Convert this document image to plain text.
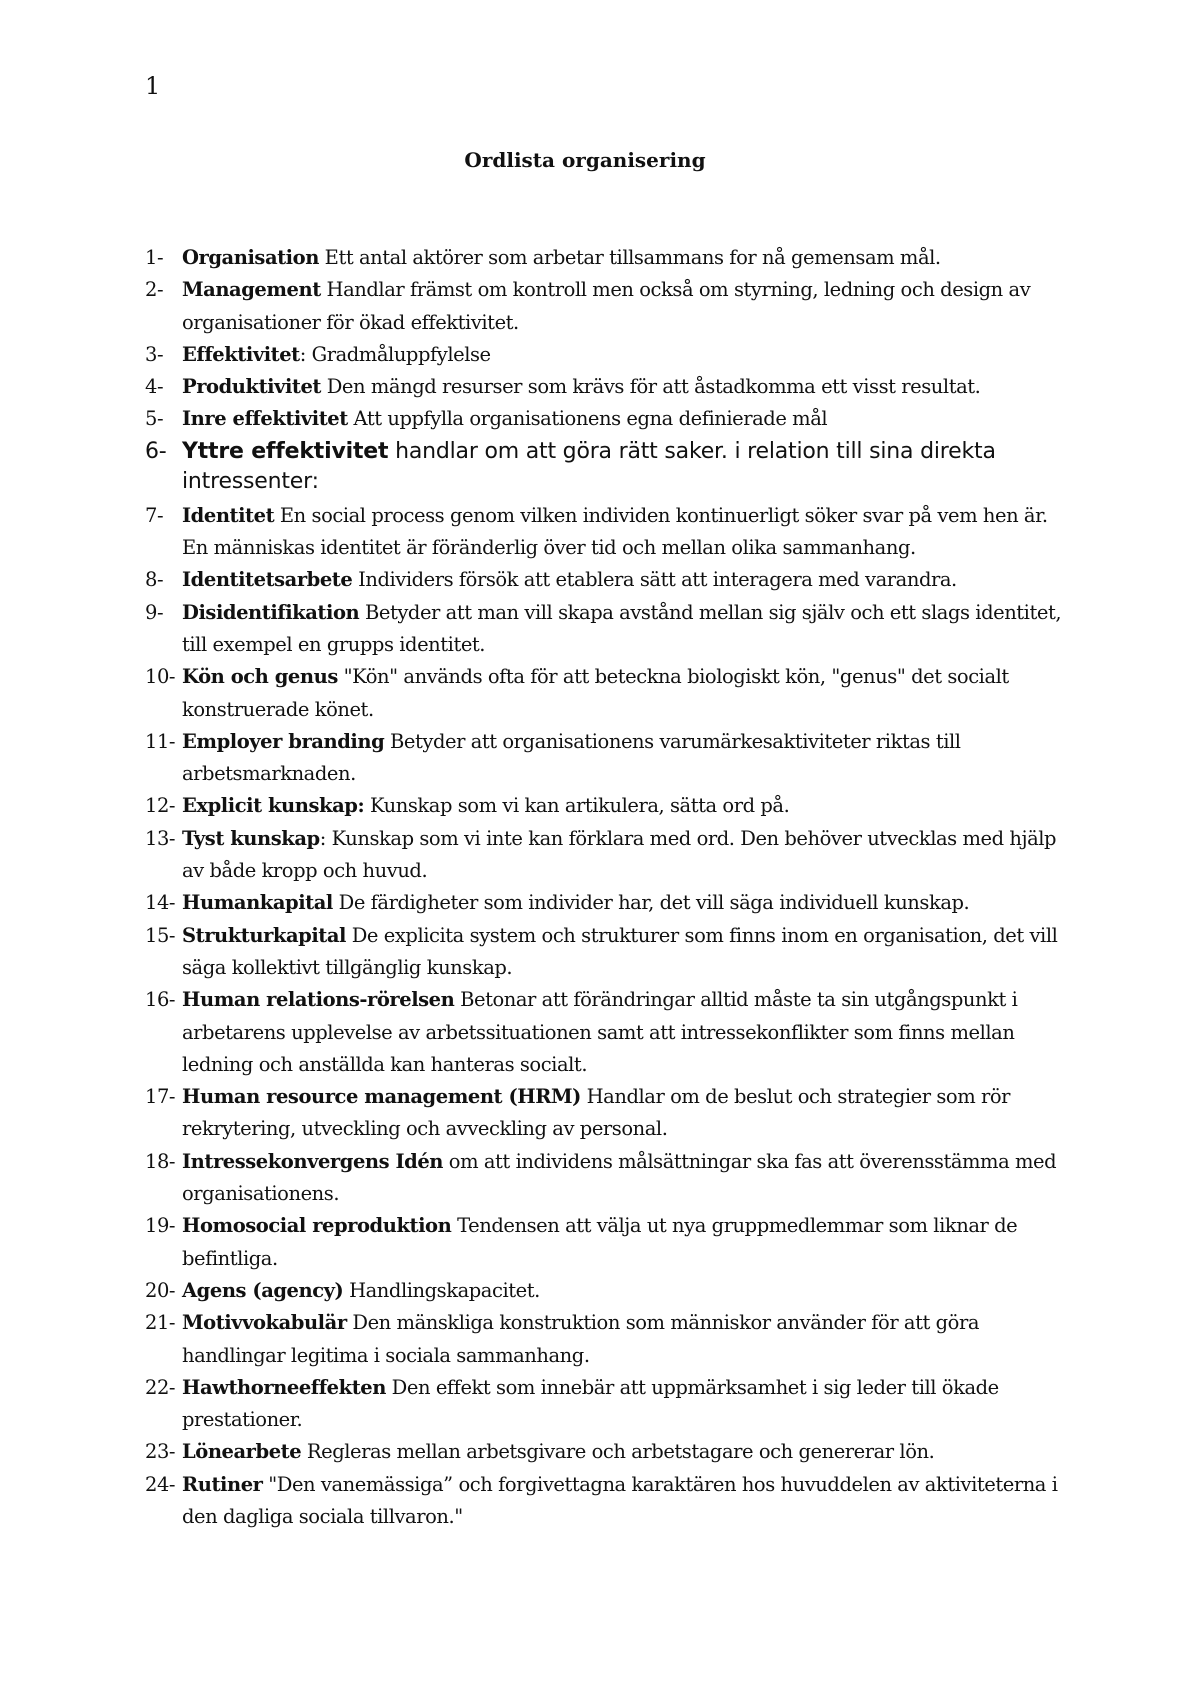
1
Ordlista organisering
1- Organisation Ett antal aktörer som arbetar tillsammans for nå gemensam mål.
2- Management Handlar främst om kontroll men också om styrning, ledning och design av organisationer för ökad effektivitet.
3- Effektivitet: Gradmåluppfylelse
4- Produktivitet Den mängd resurser som krävs för att åstadkomma ett visst resultat.
5- Inre effektivitet Att uppfylla organisationens egna definierade mål
6- Yttre effektivitet handlar om att göra rätt saker. i relation till sina direkta intressenter:
7- Identitet En social process genom vilken individen kontinuerligt söker svar på vem hen är. En människas identitet är föränderlig över tid och mellan olika sammanhang.
8- Identitetsarbete Individers försök att etablera sätt att interagera med varandra.
9- Disidentifikation Betyder att man vill skapa avstånd mellan sig själv och ett slags identitet, till exempel en grupps identitet.
10- Kön och genus "Kön" används ofta för att beteckna biologiskt kön, "genus" det socialt konstruerade könet.
11- Employer branding Betyder att organisationens varumärkesaktiviteter riktas till arbetsmarknaden.
12- Explicit kunskap: Kunskap som vi kan artikulera, sätta ord på.
13- Tyst kunskap: Kunskap som vi inte kan förklara med ord. Den behöver utvecklas med hjälp av både kropp och huvud.
14- Humankapital De färdigheter som individer har, det vill säga individuell kunskap.
15- Strukturkapital De explicita system och strukturer som finns inom en organisation, det vill säga kollektivt tillgänglig kunskap.
16- Human relations-rörelsen Betonar att förändringar alltid måste ta sin utgångspunkt i arbetarens upplevelse av arbetssituationen samt att intressekonflikter som finns mellan ledning och anställda kan hanteras socialt.
17- Human resource management (HRM) Handlar om de beslut och strategier som rör rekrytering, utveckling och avveckling av personal.
18- Intressekonvergens Idén om att individens målsättningar ska fas att överensstämma med organisationens.
19- Homosocial reproduktion Tendensen att välja ut nya gruppmedlemmar som liknar de befintliga.
20- Agens (agency) Handlingskapacitet.
21- Motivvokabulär Den mänskliga konstruktion som människor använder för att göra handlingar legitima i sociala sammanhang.
22- Hawthorneeffekten Den effekt som innebär att uppmärksamhet i sig leder till ökade prestationer.
23- Lönearbete Regleras mellan arbetsgivare och arbetstagare och genererar lön.
24- Rutiner "Den vanemässiga” och forgivettagna karaktären hos huvuddelen av aktiviteterna i den dagliga sociala tillvaron."
